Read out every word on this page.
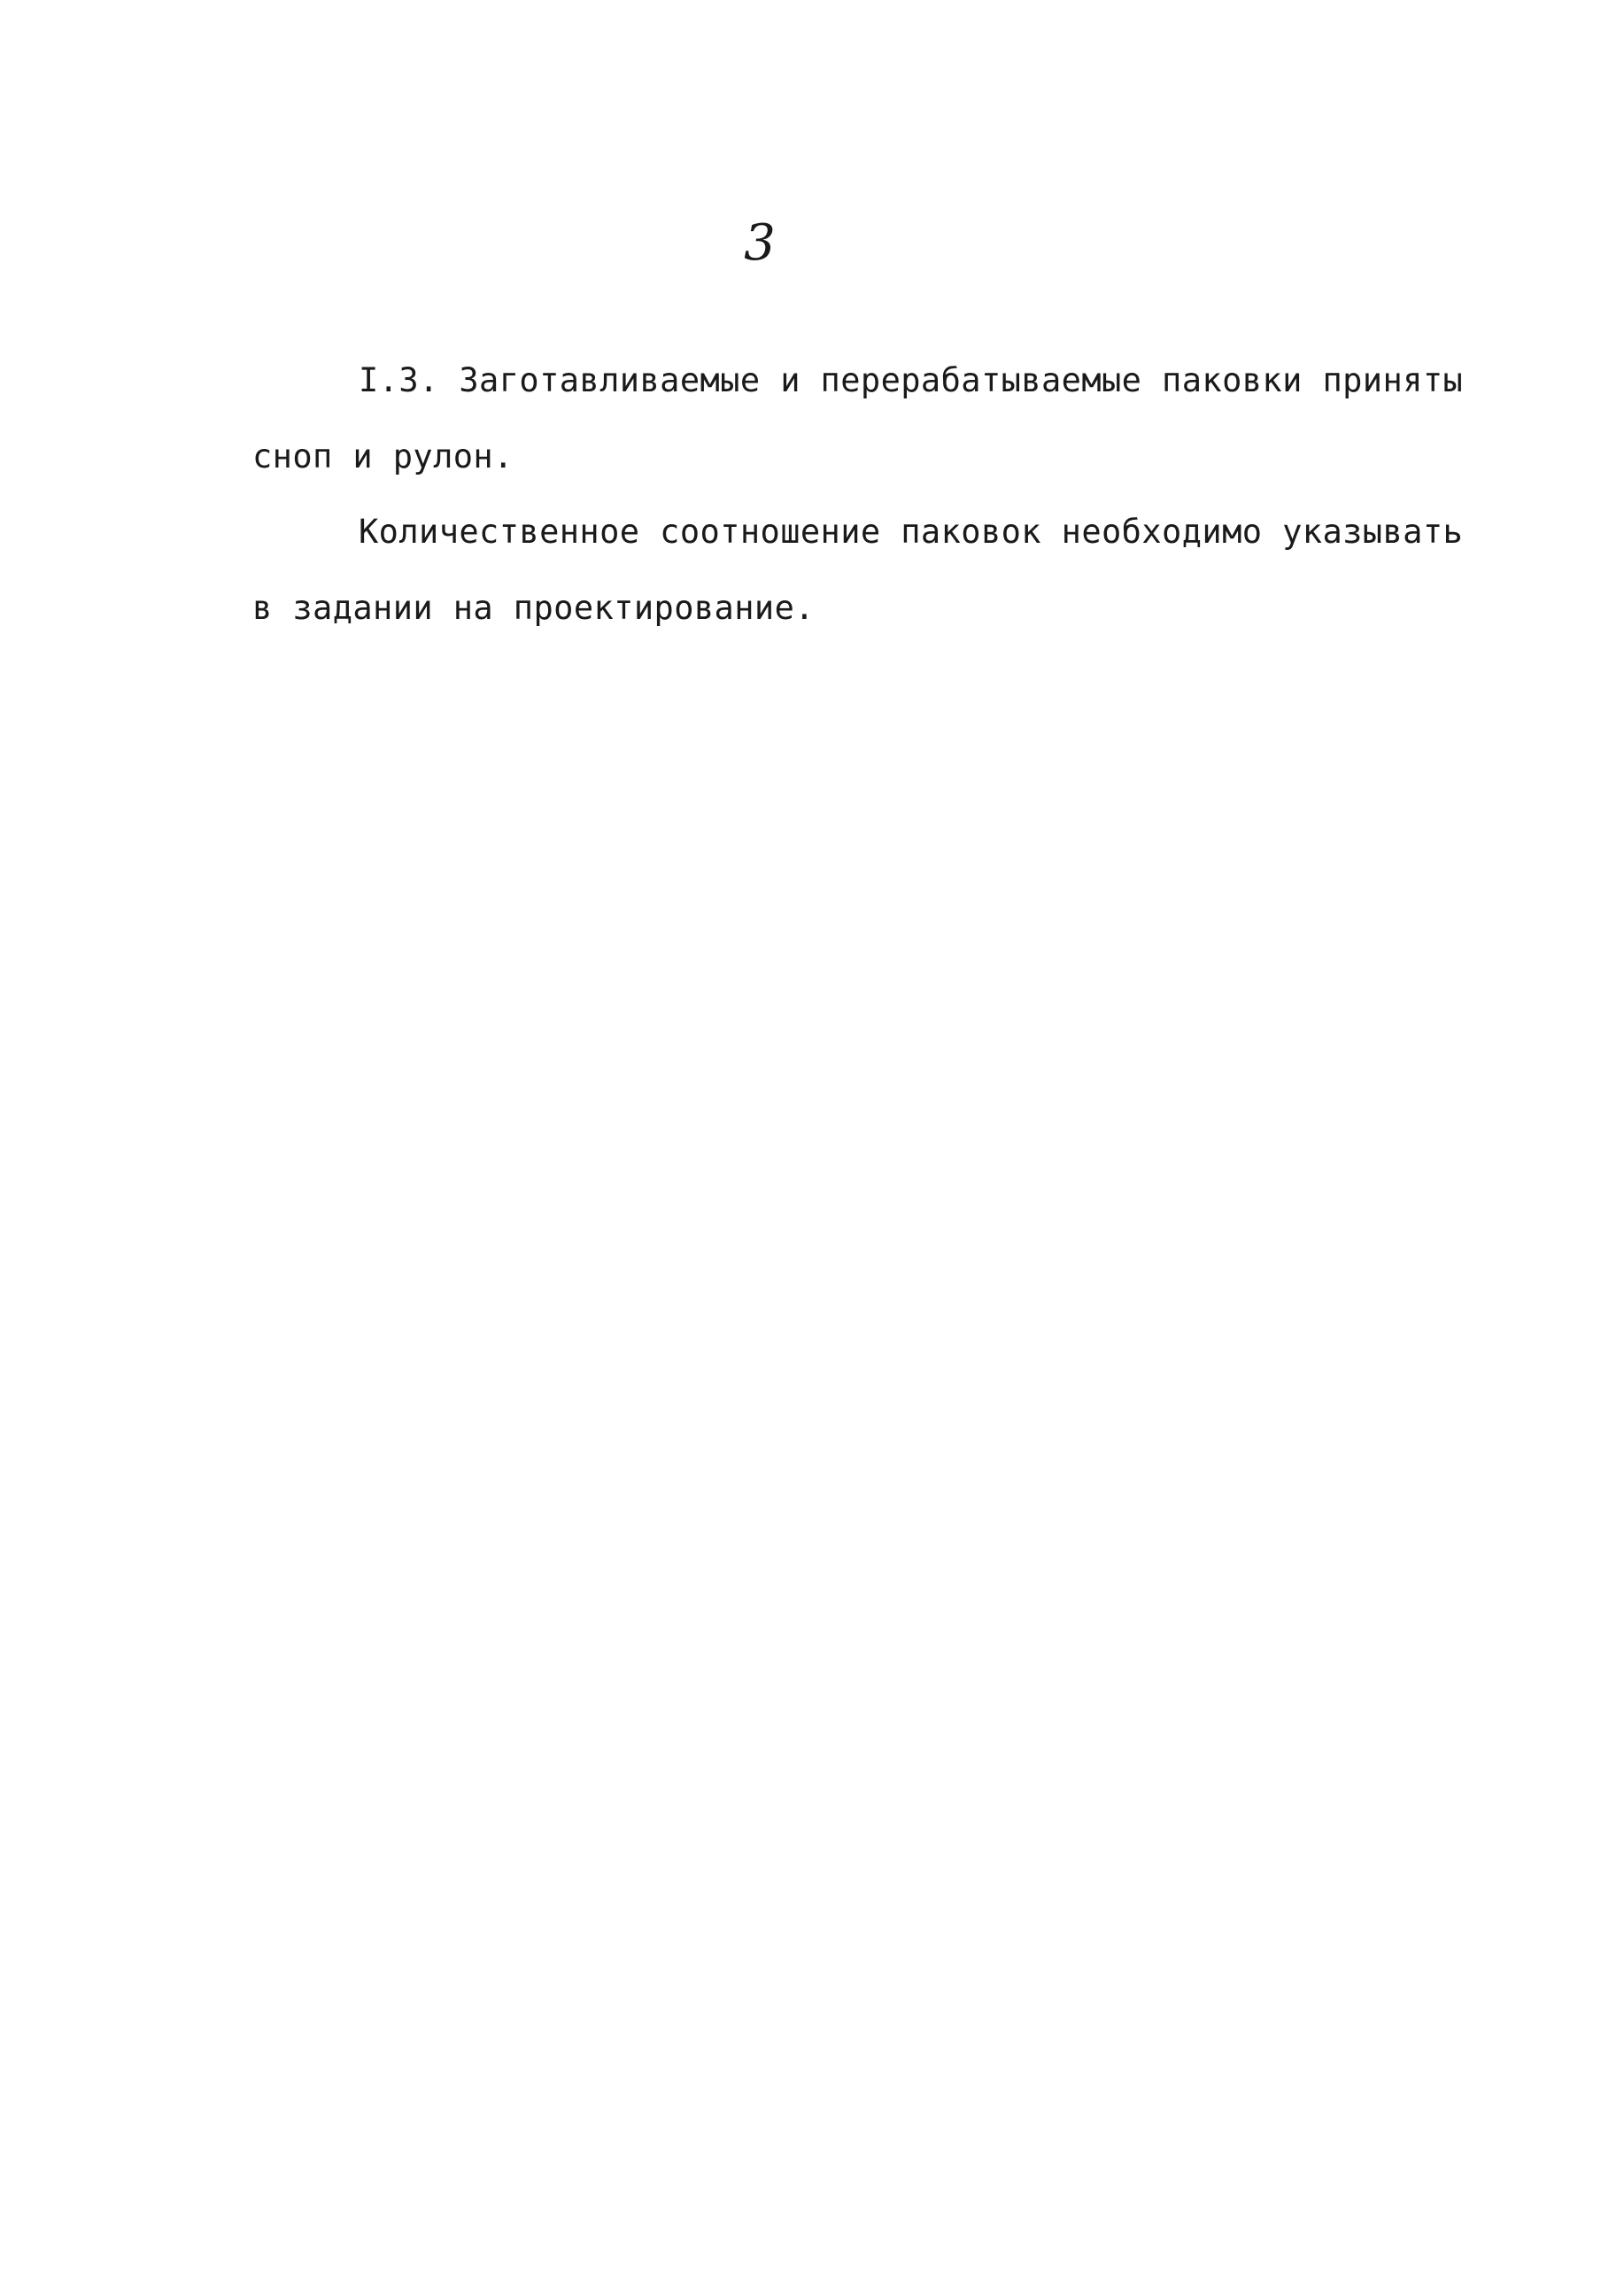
3
I.3. Заготавливаемые и перерабатываемые паковки приняты
сноп и рулон.
Количественное соотношение паковок необходимо указывать
в задании на проектирование.
